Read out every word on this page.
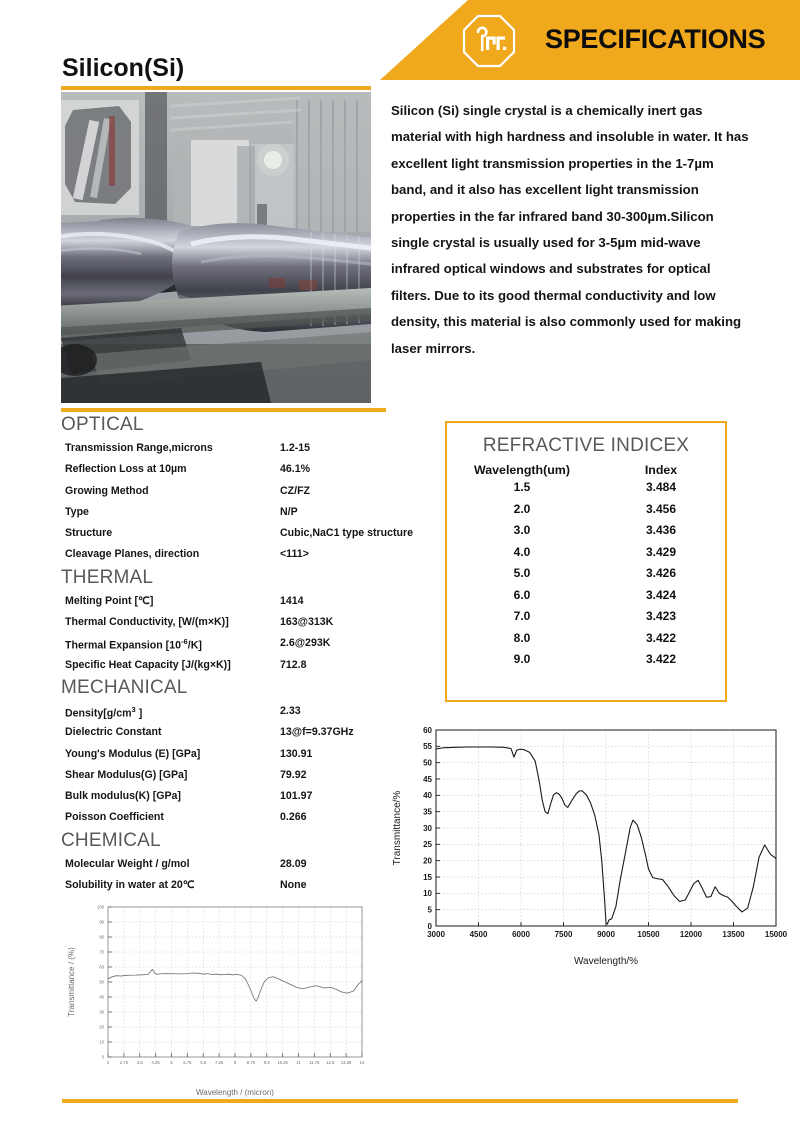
SPECIFICATIONS
Silicon(Si)
Silicon (Si) single crystal is a chemically inert gas material with high hardness and insoluble in water. It has excellent light transmission properties in the 1-7µm band, and it also has excellent light transmission properties in the far infrared band 30-300µm.Silicon single crystal is usually used for 3-5µm mid-wave infrared optical windows and substrates for optical filters. Due to its good thermal conductivity and low density, this material is also commonly used for making laser mirrors.
OPTICAL
Transmission Range,microns	1.2-15
Reflection Loss at 10µm	46.1%
Growing Method	CZ/FZ
Type	N/P
Structure	Cubic,NaC1 type structure
Cleavage Planes, direction	<111>
THERMAL
Melting Point [℃]	1414
Thermal Conductivity, [W/(m×K)]	163@313K
Thermal Expansion $[10^{-6}/K]$	2.6@293K
Specific Heat Capacity [J/(kg×K)]	712.8
MECHANICAL
$Density[g/cm^3$ ]	2.33
Dielectric Constant	13@f=9.37GHz
Young's Modulus (E) [GPa]	130.91
Shear Modulus(G) [GPa]	79.92
Bulk modulus(K) [GPa]	101.97
Poisson Coefficient	0.266
CHEMICAL
Molecular Weight / g/mol	28.09
Solubility in water at 20℃	None
REFRACTIVE INDICEX
Wavelength(um)	Index
1.5	3.484
2.0	3.456
3.0	3.436
4.0	3.429
5.0	3.426
6.0	3.424
7.0	3.423
8.0	3.422
9.0	3.422
3000	4500	6000	7500	9000	10500	12000	13500	15000
0
5
10
15
20
25
30
35
40
45
50
55
60
Wavelength/%
Transmittance/%
2	2.75 3.5 4.25	5	5.75 6.5 7.25	8	8.75 9.5 10.25 11 11.75 12.5 13.25 14
0
10
20
30
40
50
60
70
80
90
100
Wavelength / (micron)
Transmittance / (%)
